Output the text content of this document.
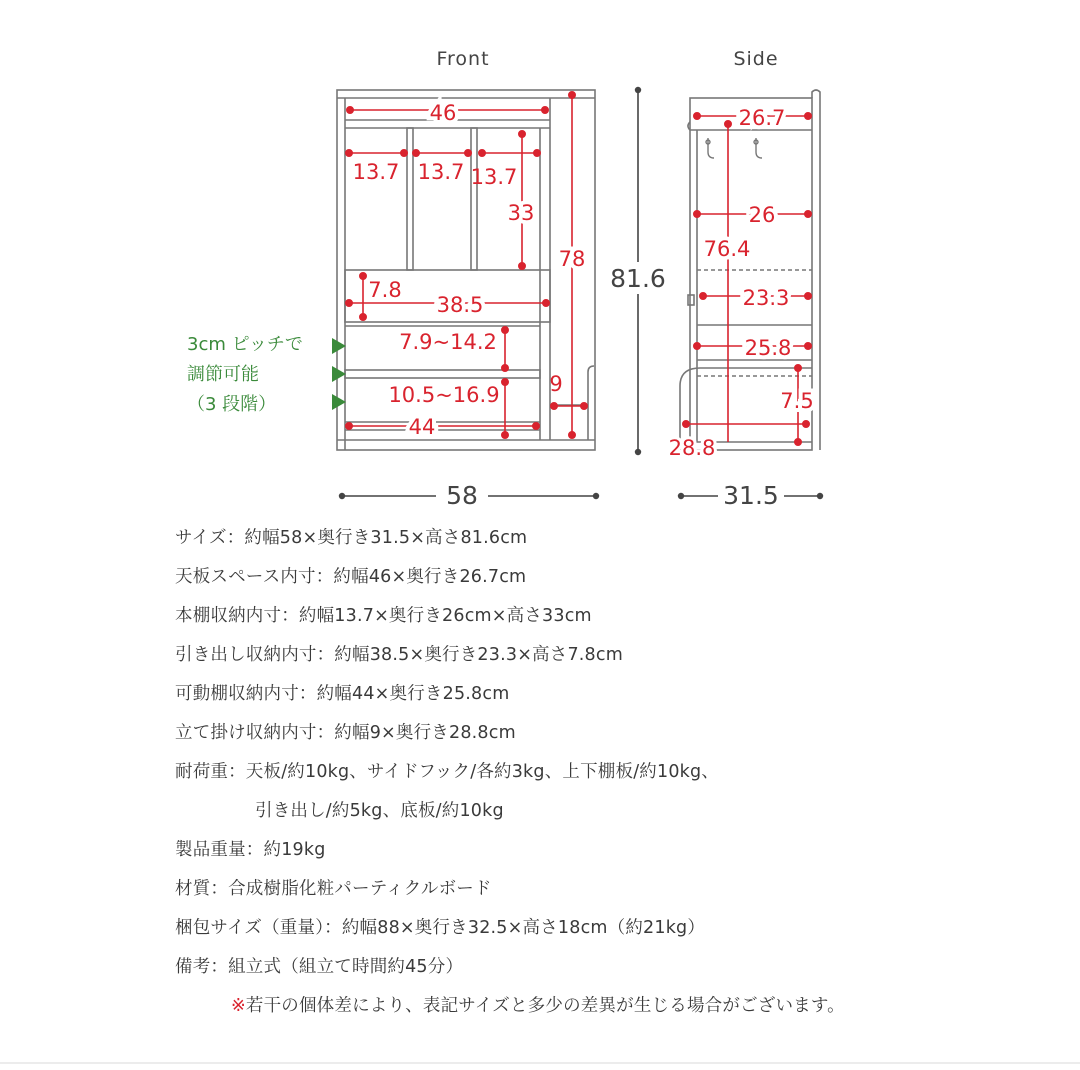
Front	Side
46
13.7 13.7 13.7
33
78
7.8
38.5
7.9~14.2
10.5~16.9
44
9
81.6
58
3cm ピッチで
調節可能
（3 段階）
26.7
26
76.4
23.3
25.8
7.5
28.8
31.5
サイズ：約幅58×奥行き31.5×高さ81.6cm
天板スペース内寸：約幅46×奥行き26.7cm
本棚収納内寸：約幅13.7×奥行き26cm×高さ33cm
引き出し収納内寸：約幅38.5×奥行き23.3×高さ7.8cm
可動棚収納内寸：約幅44×奥行き25.8cm
立て掛け収納内寸：約幅9×奥行き28.8cm
耐荷重：天板/約10kg、サイドフック/各約3kg、上下棚板/約10kg、
引き出し/約5kg、底板/約10kg
製品重量：約19kg
材質：合成樹脂化粧パーティクルボード
梱包サイズ（重量）：約幅88×奥行き32.5×高さ18cm（約21kg）
備考：組立式（組立て時間約45分）
※若干の個体差により、表記サイズと多少の差異が生じる場合がございます。
